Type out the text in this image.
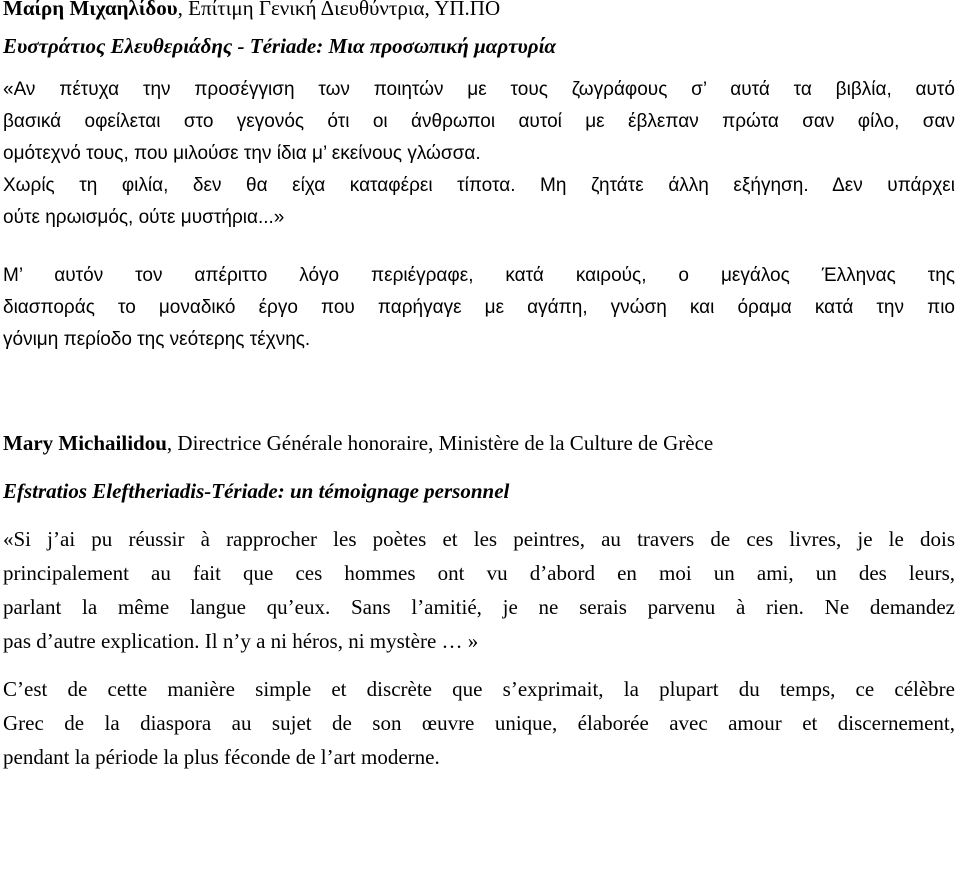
Μαίρη Μιχαηλίδου, Επίτιμη Γενική Διευθύντρια, ΥΠ.ΠΟ
Ευστράτιος Ελευθεριάδης - Tériade: Μια προσωπική μαρτυρία
«Αν πέτυχα την προσέγγιση των ποιητών με τους ζωγράφους σ’ αυτά τα βιβλία, αυτό
βασικά οφείλεται στο γεγονός ότι οι άνθρωποι αυτοί με έβλεπαν πρώτα σαν φίλο, σαν
ομότεχνό τους, που μιλούσε την ίδια μ’ εκείνους γλώσσα.
Χωρίς τη φιλία, δεν θα είχα καταφέρει τίποτα. Μη ζητάτε άλλη εξήγηση. Δεν υπάρχει
ούτε ηρωισμός, ούτε μυστήρια...»
Μ’ αυτόν τον απέριττο λόγο περιέγραφε, κατά καιρούς, ο μεγάλος Έλληνας της
διασποράς το μοναδικό έργο που παρήγαγε με αγάπη, γνώση και όραμα κατά την πιο
γόνιμη περίοδο της νεότερης τέχνης.
Mary Michailidou, Directrice Générale honoraire, Ministère de la Culture de Grèce
Efstratios Eleftheriadis-Tériade: un témoignage personnel
«Si j’ai pu réussir à rapprocher les poètes et les peintres, au travers de ces livres, je le dois
principalement au fait que ces hommes ont vu d’abord en moi un ami, un des leurs,
parlant la même langue qu’eux. Sans l’amitié, je ne serais parvenu à rien. Ne demandez
pas d’autre explication. Il n’y a ni héros, ni mystère … »
C’est de cette manière simple et discrète que s’exprimait, la plupart du temps, ce célèbre
Grec de la diaspora au sujet de son œuvre unique, élaborée avec amour et discernement,
pendant la période la plus féconde de l’art moderne.
